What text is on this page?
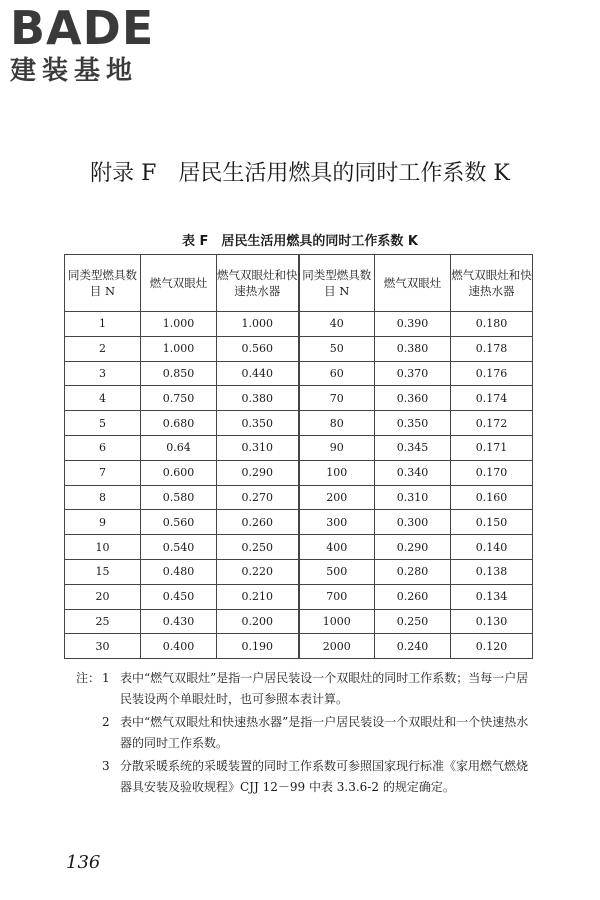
BADE
建装基地
附录 F　居民生活用燃具的同时工作系数 K
表 F　居民生活用燃具的同时工作系数 K
同类型燃具数目 N	燃气双眼灶	燃气双眼灶和快速热水器	同类型燃具数目 N	燃气双眼灶	燃气双眼灶和快速热水器
1	1.000	1.000	40	0.390	0.180
2	1.000	0.560	50	0.380	0.178
3	0.850	0.440	60	0.370	0.176
4	0.750	0.380	70	0.360	0.174
5	0.680	0.350	80	0.350	0.172
6	0.64	0.310	90	0.345	0.171
7	0.600	0.290	100	0.340	0.170
8	0.580	0.270	200	0.310	0.160
9	0.560	0.260	300	0.300	0.150
10	0.540	0.250	400	0.290	0.140
15	0.480	0.220	500	0.280	0.138
20	0.450	0.210	700	0.260	0.134
25	0.430	0.200	1000	0.250	0.130
30	0.400	0.190	2000	0.240	0.120
注： 1 表中“燃气双眼灶”是指一户居民装设一个双眼灶的同时工作系数；当每一户居民装设两个单眼灶时，也可参照本表计算。
2 表中“燃气双眼灶和快速热水器”是指一户居民装设一个双眼灶和一个快速热水器的同时工作系数。
3 分散采暖系统的采暖装置的同时工作系数可参照国家现行标准《家用燃气燃烧器具安装及验收规程》CJJ 12－99 中表 3.3.6-2 的规定确定。
136
